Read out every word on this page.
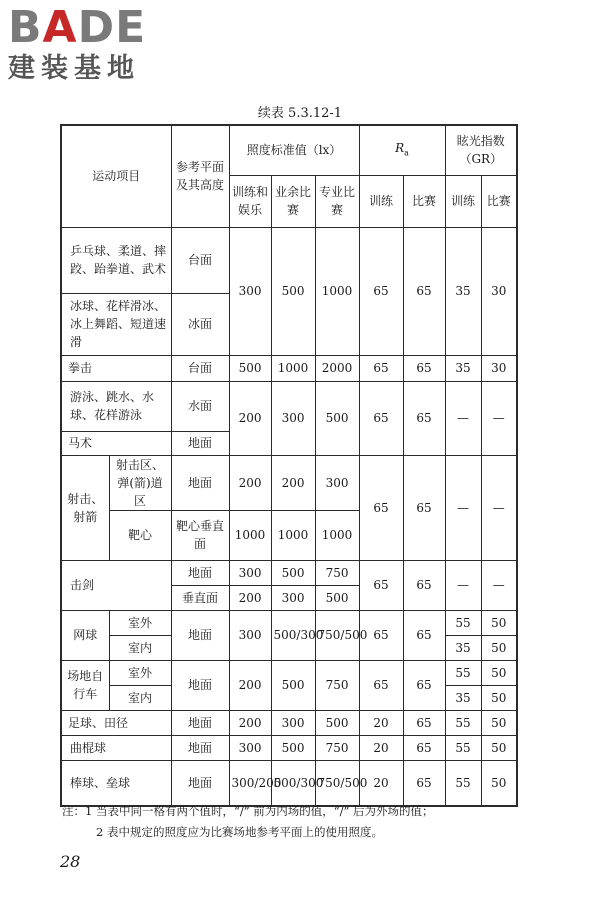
BADE
建装基地
续表 5.3.12-1
运动项目		参考平面及其高度	照度标准值（lx）			$R_a$		眩光指数（GR）	
			训练和娱乐	业余比赛	专业比赛	训练	比赛	训练	比赛
乒乓球、柔道、摔跤、跆拳道、武术		台面	300	500	1000	65	65	35	30
冰球、花样滑冰、冰上舞蹈、短道速滑		冰面							
拳击		台面	500	1000	2000	65	65	35	30
游泳、跳水、水球、花样游泳		水面	200	300	500	65	65	—	—
马术		地面							
射击、射箭	射击区、弹(箭)道区	地面	200	200	300	65	65	—	—
	靶心	靶心垂直面	1000	1000	1000				
击剑		地面	300	500	750	65	65	—	—
		垂直面	200	300	500				
网球	室外	地面	300	500/300	750/500	65	65	55	50
	室内							35	50
场地自行车	室外	地面	200	500	750	65	65	55	50
	室内							35	50
足球、田径		地面	200	300	500	20	65	55	50
曲棍球		地面	300	500	750	20	65	55	50
棒球、垒球		地面	300/200	500/300	750/500	20	65	55	50
注：1 当表中同一格有两个值时，“/” 前为内场的值，“/” 后为外场的值；
2 表中规定的照度应为比赛场地参考平面上的使用照度。
28
